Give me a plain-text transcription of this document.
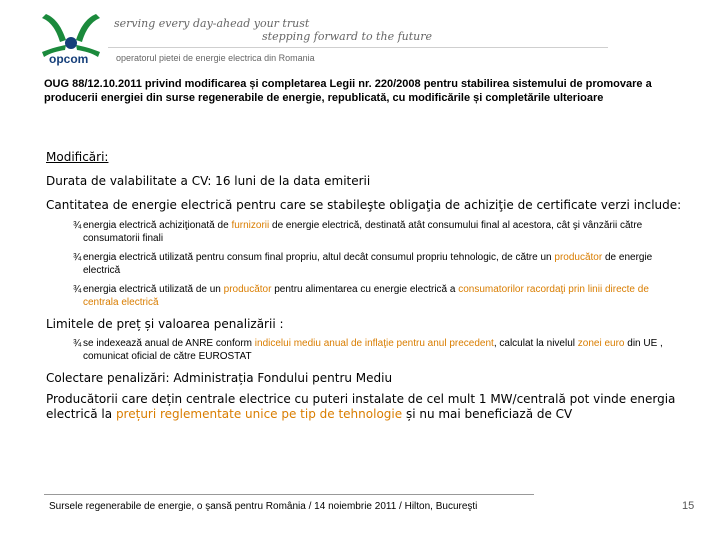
opcom
serving every day-ahead your trust
stepping forward to the future
operatorul pietei de energie electrica din Romania
OUG 88/12.10.2011 privind modificarea și completarea Legii nr. 220/2008 pentru stabilirea sistemului de promovare a producerii energiei din surse regenerabile de energie, republicată, cu modificările și completările ulterioare

Modificări:

Durata de valabilitate a CV: 16 luni de la data emiterii

Cantitatea de energie electrică pentru care se stabileşte obligaţia de achiziţie de certificate verzi include:

¾ energia electrică achiziţionată de furnizorii de energie electrică, destinată atât consumului final al acestora, cât şi vânzării către consumatorii finali

¾ energia electrică utilizată pentru consum final propriu, altul decât consumul propriu tehnologic, de către un producător de energie electrică

¾ energia electrică utilizată de un producător pentru alimentarea cu energie electrică a consumatorilor racordaţi prin linii directe de centrala electrică

Limitele de preț și valoarea penalizării :

¾ se indexează anual de ANRE conform indicelui mediu anual de inflaţie pentru anul precedent, calculat la nivelul zonei euro din UE , comunicat oficial de către EUROSTAT

Colectare penalizări: Administrația Fondului pentru Mediu

Producătorii care dețin centrale electrice cu puteri instalate de cel mult 1 MW/centrală pot vinde energia electrică la prețuri reglementate unice pe tip de tehnologie și nu mai beneficiază de CV

Sursele regenerabile de energie, o şansă pentru România / 14 noiembrie 2011 / Hilton, Bucureşti	15
